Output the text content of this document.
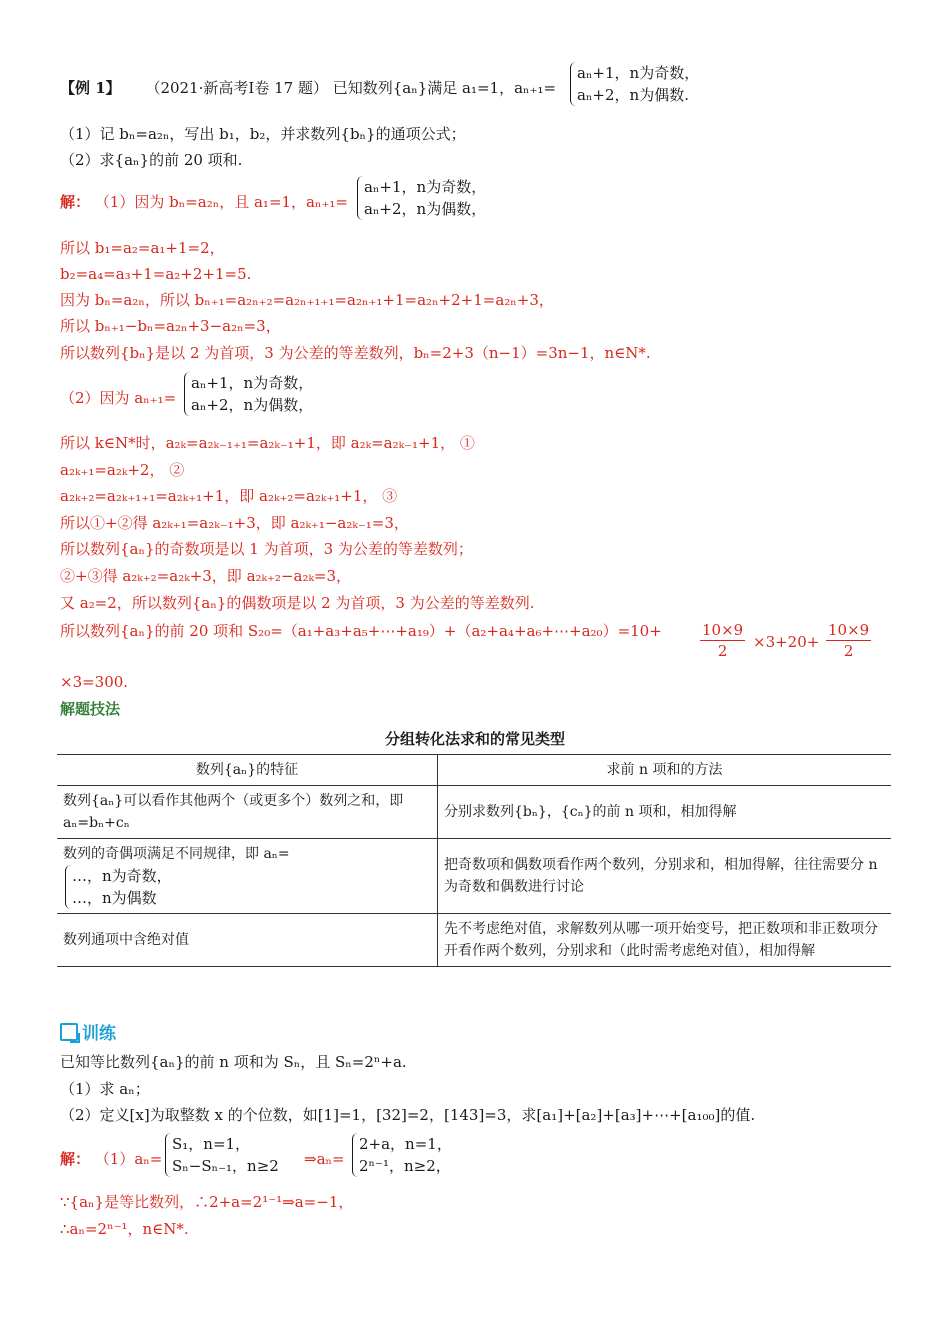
【例 1】 （2021·新高考Ⅰ卷 17 题） 已知数列{aₙ}满足 a₁=1，aₙ₊₁=
aₙ+1，n为奇数，
aₙ+2，n为偶数.
（1）记 bₙ=a₂ₙ，写出 b₁，b₂，并求数列{bₙ}的通项公式；
（2）求{aₙ}的前 20 项和.
解： （1）因为 bₙ=a₂ₙ，且 a₁=1，aₙ₊₁=
aₙ+1，n为奇数，
aₙ+2，n为偶数，
所以 b₁=a₂=a₁+1=2，
b₂=a₄=a₃+1=a₂+2+1=5.
因为 bₙ=a₂ₙ，所以 bₙ₊₁=a₂ₙ₊₂=a₂ₙ₊₁₊₁=a₂ₙ₊₁+1=a₂ₙ+2+1=a₂ₙ+3，
所以 bₙ₊₁−bₙ=a₂ₙ+3−a₂ₙ=3，
所以数列{bₙ}是以 2 为首项，3 为公差的等差数列，bₙ=2+3（n−1）=3n−1，n∈N*.
（2）因为 aₙ₊₁=
aₙ+1，n为奇数，
aₙ+2，n为偶数，
所以 k∈N*时，a₂ₖ=a₂ₖ₋₁₊₁=a₂ₖ₋₁+1，即 a₂ₖ=a₂ₖ₋₁+1， ①
a₂ₖ₊₁=a₂ₖ+2， ②
a₂ₖ₊₂=a₂ₖ₊₁₊₁=a₂ₖ₊₁+1，即 a₂ₖ₊₂=a₂ₖ₊₁+1， ③
所以①+②得 a₂ₖ₊₁=a₂ₖ₋₁+3，即 a₂ₖ₊₁−a₂ₖ₋₁=3，
所以数列{aₙ}的奇数项是以 1 为首项，3 为公差的等差数列；
②+③得 a₂ₖ₊₂=a₂ₖ+3，即 a₂ₖ₊₂−a₂ₖ=3，
又 a₂=2，所以数列{aₙ}的偶数项是以 2 为首项，3 为公差的等差数列.
所以数列{aₙ}的前 20 项和 S₂₀=（a₁+a₃+a₅+⋯+a₁₉）+（a₂+a₄+a₆+⋯+a₂₀）=10+	$\frac{10\times 9}{2} \times 3+20+ \frac{10\times 9}{2}$
×3=300.
解题技法
分组转化法求和的常见类型
数列{aₙ}的特征	求前 n 项和的方法
数列{aₙ}可以看作其他两个（或更多个）数列之和，即 aₙ=bₙ+cₙ	分别求数列{bₙ}，{cₙ}的前 n 项和，相加得解
数列的奇偶项满足不同规律，即 aₙ=
…，n为奇数，
…，n为偶数	把奇数项和偶数项看作两个数列，分别求和，相加得解，往往需要分 n 为奇数和偶数进行讨论
数列通项中含绝对值	先不考虑绝对值，求解数列从哪一项开始变号，把正数项和非正数项分开看作两个数列，分别求和（此时需考虑绝对值），相加得解
训练
已知等比数列{aₙ}的前 n 项和为 Sₙ，且 Sₙ=2ⁿ+a.
（1）求 aₙ；
（2）定义[x]为取整数 x 的个位数，如[1]=1，[32]=2，[143]=3，求[a₁]+[a₂]+[a₃]+⋯+[a₁₀₀]的值.
解： （1）aₙ=
S₁，n=1，
Sₙ−Sₙ₋₁，n≥2 ⇒aₙ=
2+a，n=1，
2ⁿ⁻¹，n≥2，
∵{aₙ}是等比数列，∴2+a=2¹⁻¹⇒a=−1，
∴aₙ=2ⁿ⁻¹，n∈N*.
